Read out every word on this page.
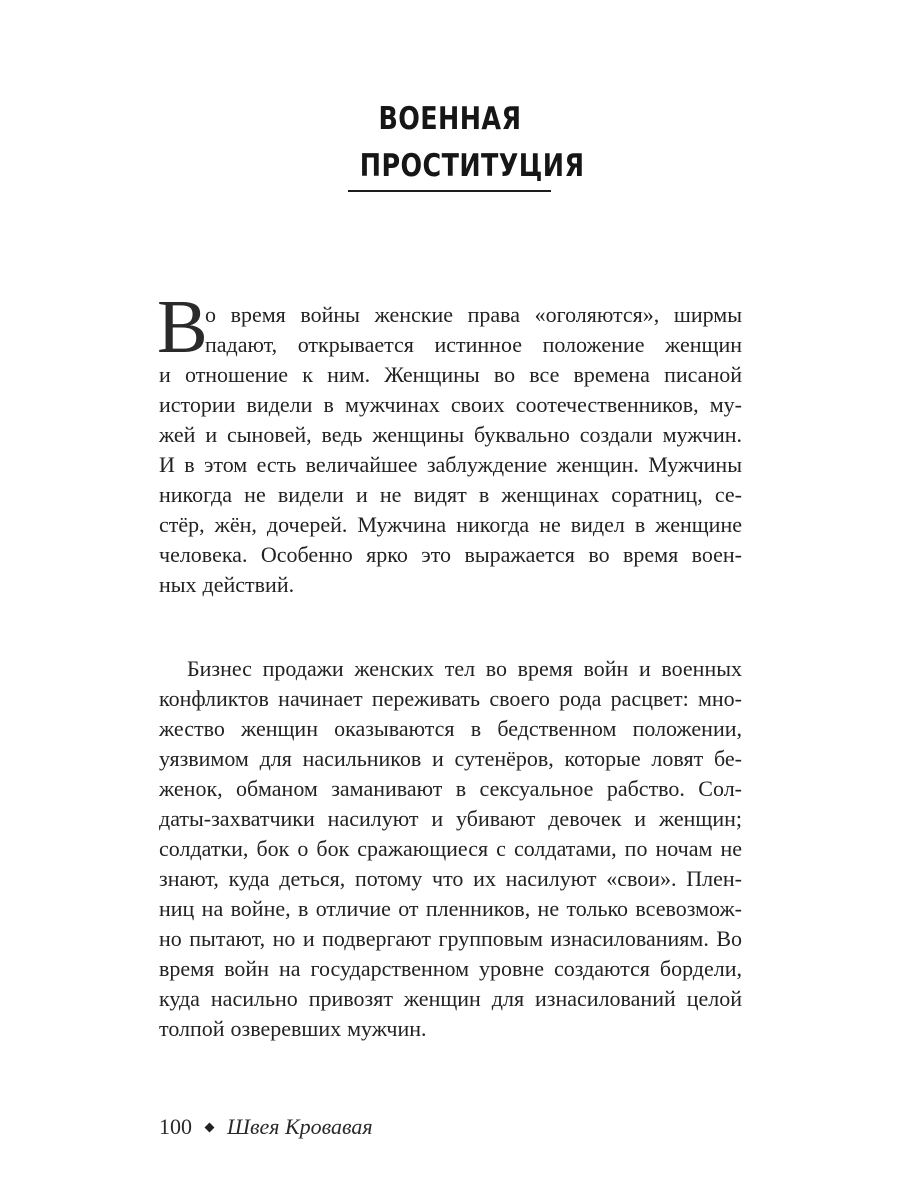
ВОЕННАЯ
ПРОСТИТУЦИЯ
В
о время войны женские права «оголяются», ширмы
падают, открывается истинное положение женщин
и отношение к ним. Женщины во все времена писаной
истории видели в мужчинах своих соотечественников, му-
жей и сыновей, ведь женщины буквально создали мужчин.
И в этом есть величайшее заблуждение женщин. Мужчины
никогда не видели и не видят в женщинах соратниц, се-
стёр, жён, дочерей. Мужчина никогда не видел в женщине
человека. Особенно ярко это выражается во время воен-
ных действий.
Бизнес продажи женских тел во время войн и военных
конфликтов начинает переживать своего рода расцвет: мно-
жество женщин оказываются в бедственном положении,
уязвимом для насильников и сутенёров, которые ловят бе-
женок, обманом заманивают в сексуальное рабство. Сол-
даты-захватчики насилуют и убивают девочек и женщин;
солдатки, бок о бок сражающиеся с солдатами, по ночам не
знают, куда деться, потому что их насилуют «свои». Плен-
ниц на войне, в отличие от пленников, не только всевозмож-
но пытают, но и подвергают групповым изнасилованиям. Во
время войн на государственном уровне создаются бордели,
куда насильно привозят женщин для изнасилований целой
толпой озверевших мужчин.
100 Швея Кровавая
